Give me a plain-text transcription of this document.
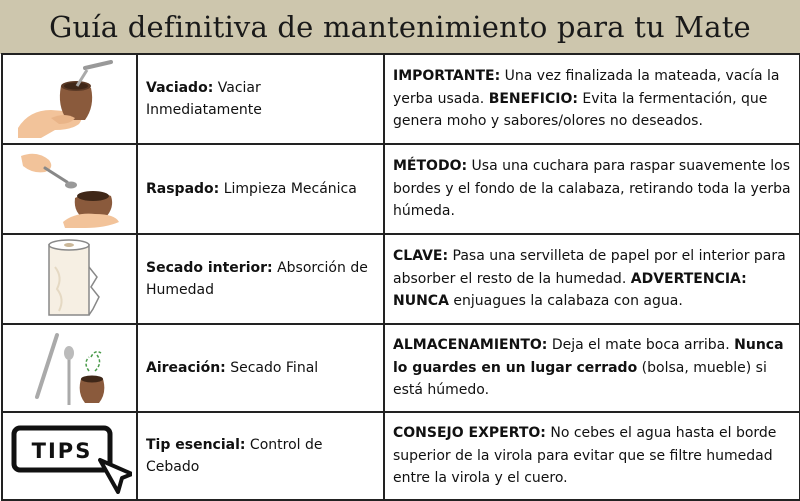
Guía definitiva de mantenimiento para tu Mate
	Vaciado: Vaciar Inmediatamente	IMPORTANTE: Una vez finalizada la mateada, vacía la yerba usada. BENEFICIO: Evita la fermentación, que genera moho y sabores/olores no deseados.

	Raspado: Limpieza Mecánica	MÉTODO: Usa una cuchara para raspar suavemente los bordes y el fondo de la calabaza, retirando toda la yerba húmeda.

	Secado interior: Absorción de Humedad	CLAVE: Pasa una servilleta de papel por el interior para absorber el resto de la humedad. ADVERTENCIA: NUNCA enjuagues la calabaza con agua.

	Aireación: Secado Final	ALMACENAMIENTO: Deja el mate boca arriba. Nunca lo guardes en un lugar cerrado (bolsa, mueble) si está húmedo.

TIPS	Tip esencial: Control de Cebado	CONSEJO EXPERTO: No cebes el agua hasta el borde superior de la virola para evitar que se filtre humedad entre la virola y el cuero.
